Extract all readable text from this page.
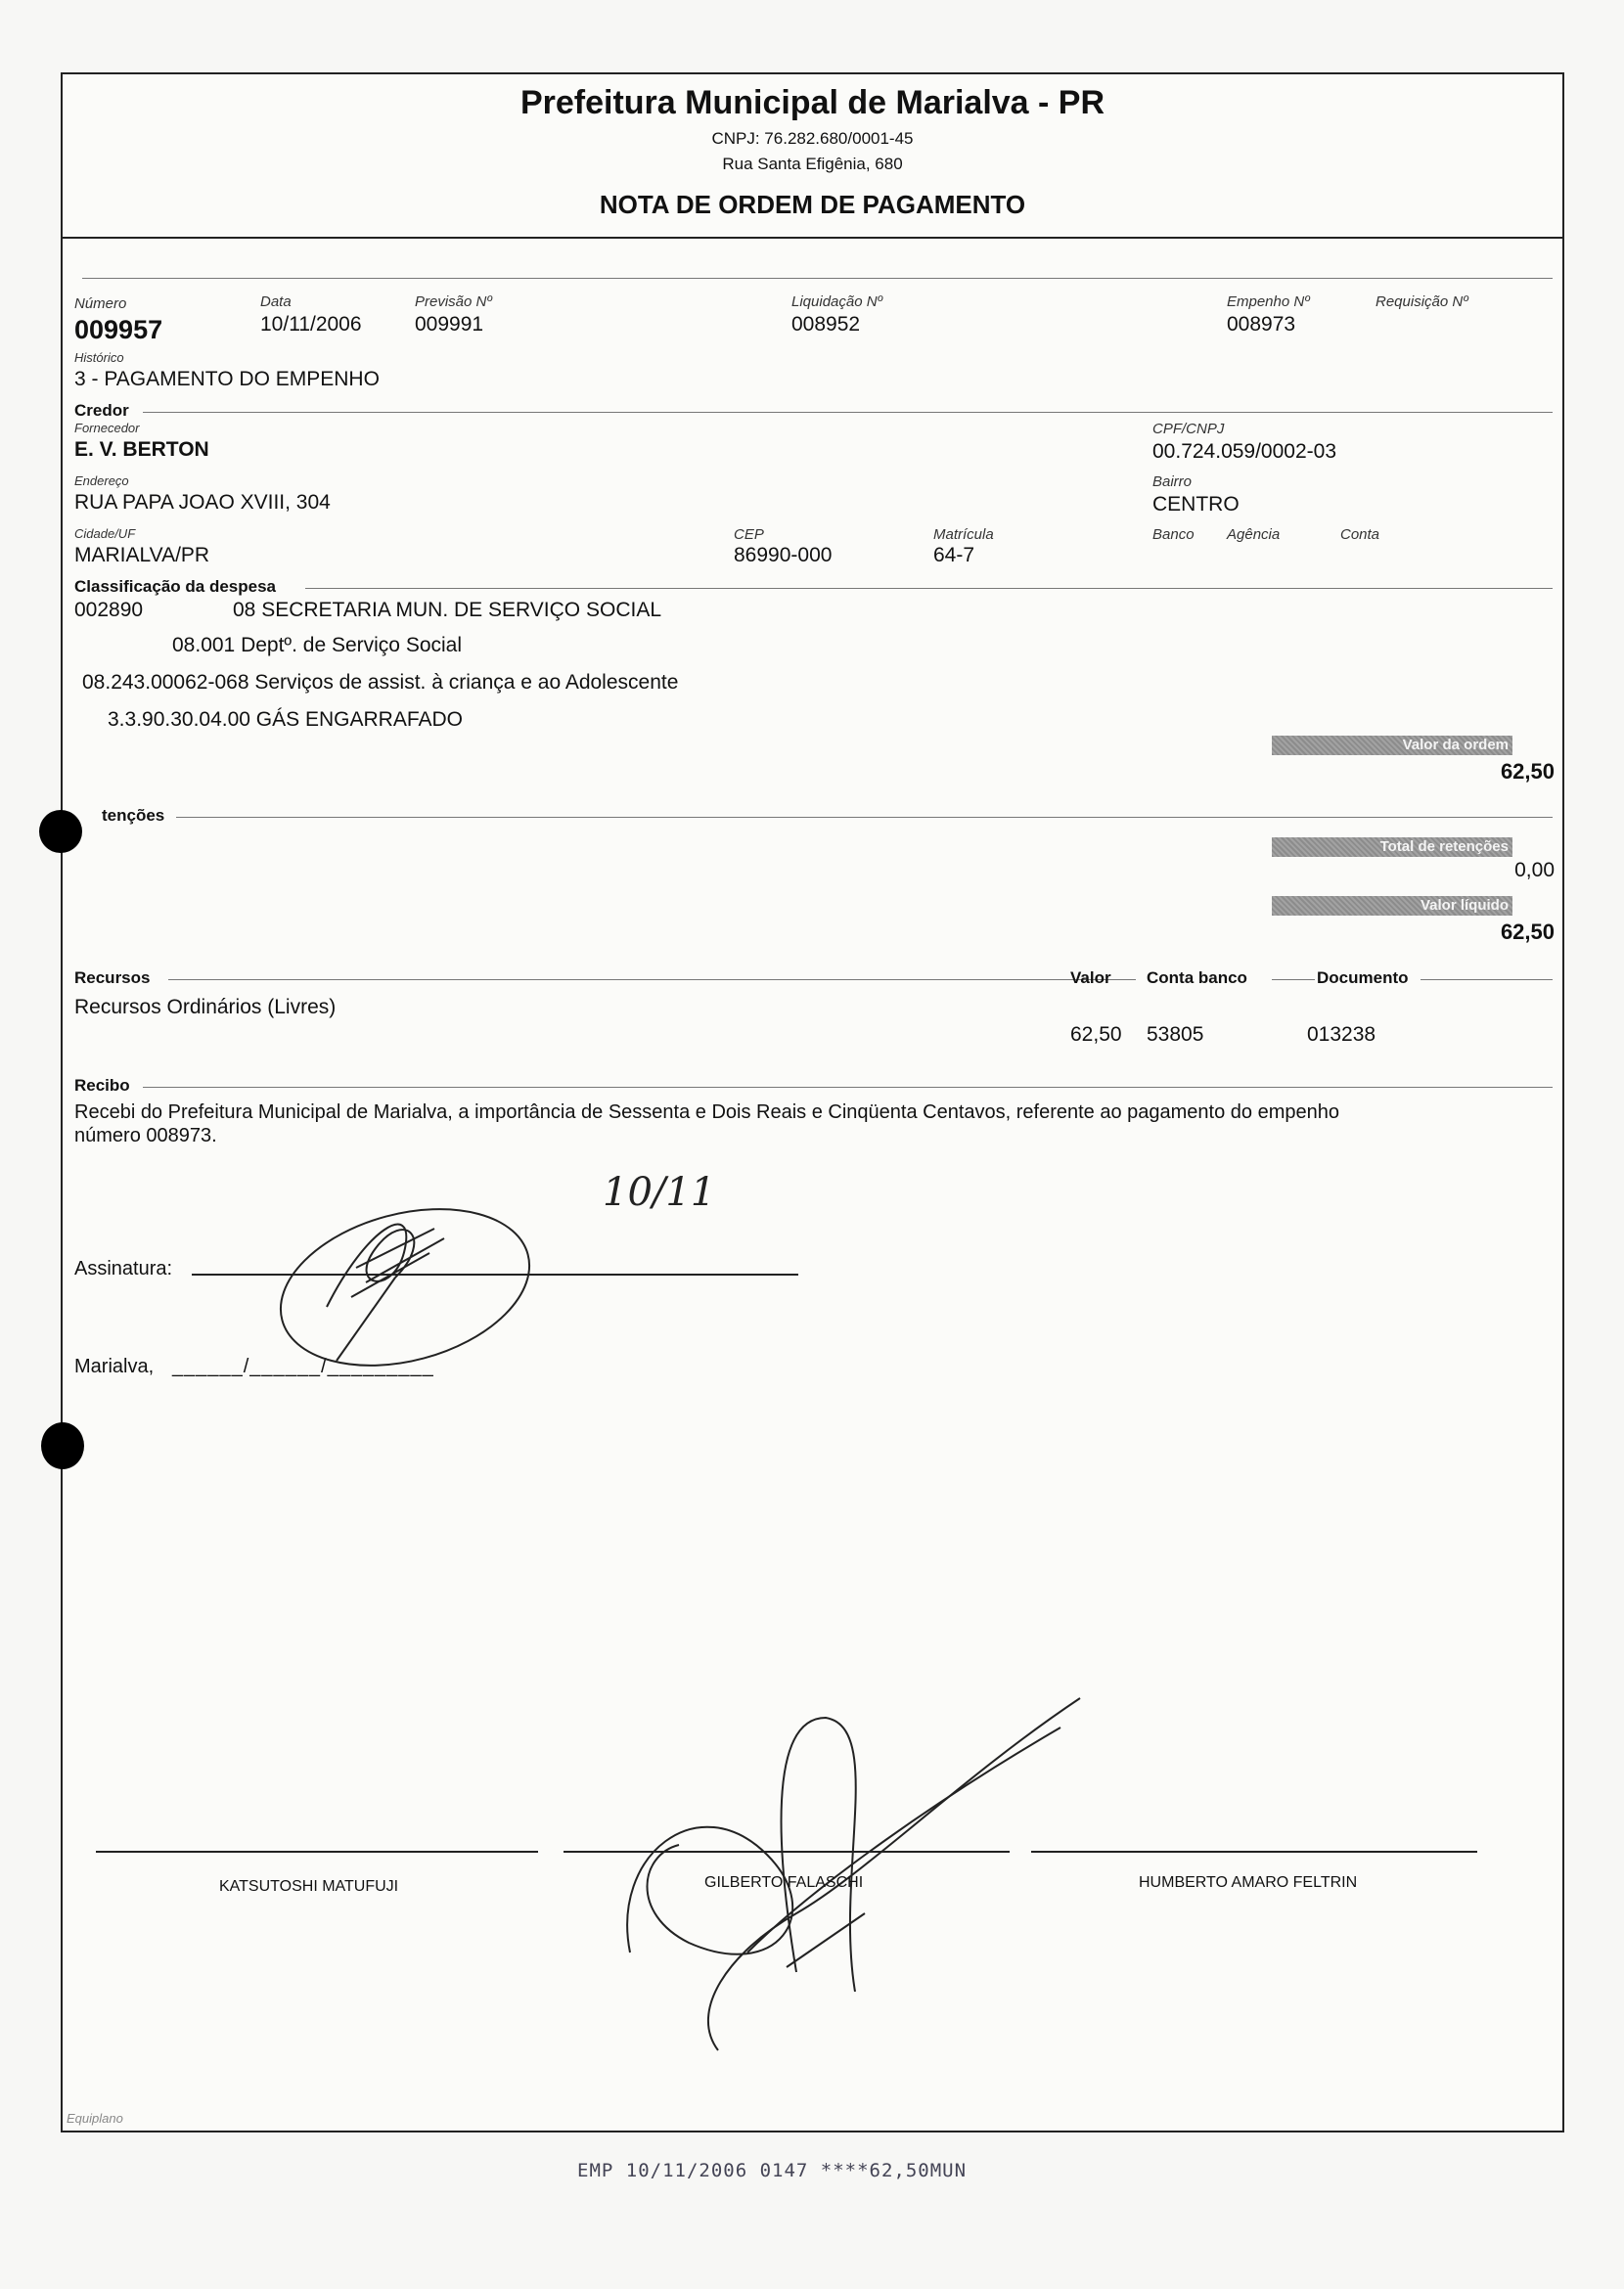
Prefeitura Municipal de Marialva - PR
CNPJ: 76.282.680/0001-45
Rua Santa Efigênia, 680
NOTA DE ORDEM DE PAGAMENTO
Número
009957
Data
10/11/2006
Previsão Nº
009991
Liquidação Nº
008952
Empenho Nº
008973
Requisição Nº
Histórico
3 - PAGAMENTO DO EMPENHO
Credor
Fornecedor
E. V. BERTON
CPF/CNPJ
00.724.059/0002-03
Endereço
RUA PAPA JOAO XVIII, 304
Bairro
CENTRO
Cidade/UF
MARIALVA/PR
CEP
86990-000
Matrícula
64-7
Banco Agência	Conta
Classificação da despesa
002890	08 SECRETARIA MUN. DE SERVIÇO SOCIAL
08.001 Deptº. de Serviço Social
08.243.00062-068 Serviços de assist. à criança e ao Adolescente
3.3.90.30.04.00 GÁS ENGARRAFADO
Valor da ordem
62,50
tenções
Total de retenções
0,00
Valor líquido
62,50
Recursos	Valor Conta banco	Documento
Recursos Ordinários (Livres)
62,50 53805	013238
Recibo
Recebi do Prefeitura Municipal de Marialva, a importância de Sessenta e Dois Reais e Cinqüenta Centavos, referente ao pagamento do empenho
número 008973.
Assinatura:
Marialva, ______/______/_________
10/11
KATSUTOSHI MATUFUJI	GILBERTO FALASCHI	HUMBERTO AMARO FELTRIN
Equiplano
EMP 10/11/2006 0147 ****62,50MUN
